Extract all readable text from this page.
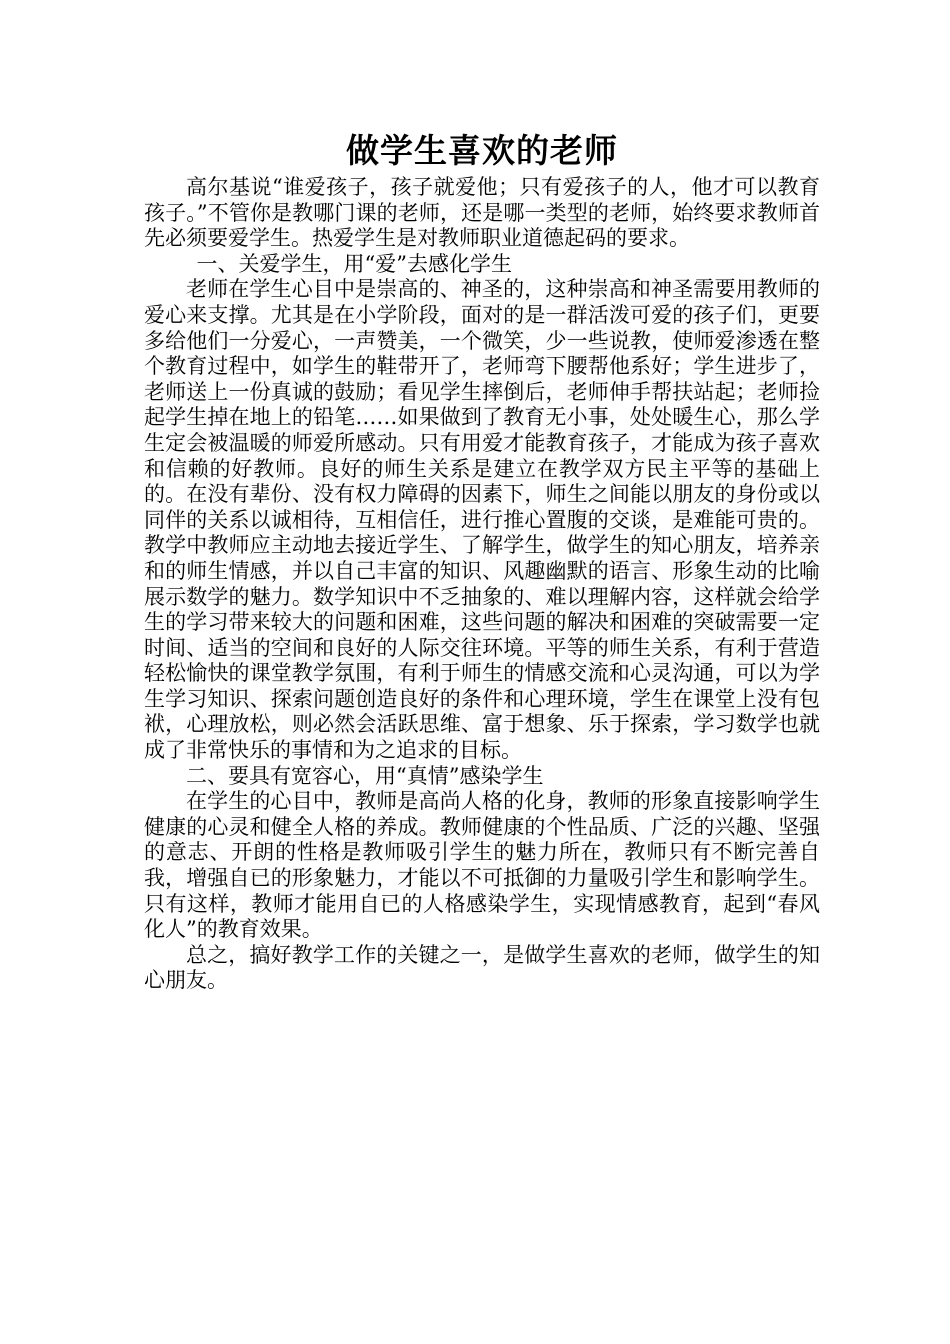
做学生喜欢的老师

高尔基说“谁爱孩子，孩子就爱他；只有爱孩子的人，他才可以教育孩子。”不管你是教哪门课的老师，还是哪一类型的老师，始终要求教师首先必须要爱学生。热爱学生是对教师职业道德起码的要求。

一、关爱学生，用“爱”去感化学生

老师在学生心目中是崇高的、神圣的，这种崇高和神圣需要用教师的爱心来支撑。尤其是在小学阶段，面对的是一群活泼可爱的孩子们，更要多给他们一分爱心，一声赞美，一个微笑，少一些说教，使师爱渗透在整个教育过程中，如学生的鞋带开了，老师弯下腰帮他系好；学生进步了，老师送上一份真诚的鼓励；看见学生摔倒后，老师伸手帮扶站起；老师捡起学生掉在地上的铅笔……如果做到了教育无小事，处处暖生心，那么学生定会被温暖的师爱所感动。只有用爱才能教育孩子，才能成为孩子喜欢和信赖的好教师。良好的师生关系是建立在教学双方民主平等的基础上的。在没有辈份、没有权力障碍的因素下，师生之间能以朋友的身份或以同伴的关系以诚相待，互相信任，进行推心置腹的交谈，是难能可贵的。教学中教师应主动地去接近学生、了解学生，做学生的知心朋友，培养亲和的师生情感，并以自己丰富的知识、风趣幽默的语言、形象生动的比喻展示数学的魅力。数学知识中不乏抽象的、难以理解内容，这样就会给学生的学习带来较大的问题和困难，这些问题的解决和困难的突破需要一定时间、适当的空间和良好的人际交往环境。平等的师生关系，有利于营造轻松愉快的课堂教学氛围，有利于师生的情感交流和心灵沟通，可以为学生学习知识、探索问题创造良好的条件和心理环境，学生在课堂上没有包袱，心理放松，则必然会活跃思维、富于想象、乐于探索，学习数学也就成了非常快乐的事情和为之追求的目标。

二、要具有宽容心，用“真情”感染学生

在学生的心目中，教师是高尚人格的化身，教师的形象直接影响学生健康的心灵和健全人格的养成。教师健康的个性品质、广泛的兴趣、坚强的意志、开朗的性格是教师吸引学生的魅力所在，教师只有不断完善自我，增强自已的形象魅力，才能以不可抵御的力量吸引学生和影响学生。只有这样，教师才能用自已的人格感染学生，实现情感教育，起到“春风化人”的教育效果。

总之，搞好教学工作的关键之一，是做学生喜欢的老师，做学生的知心朋友。
